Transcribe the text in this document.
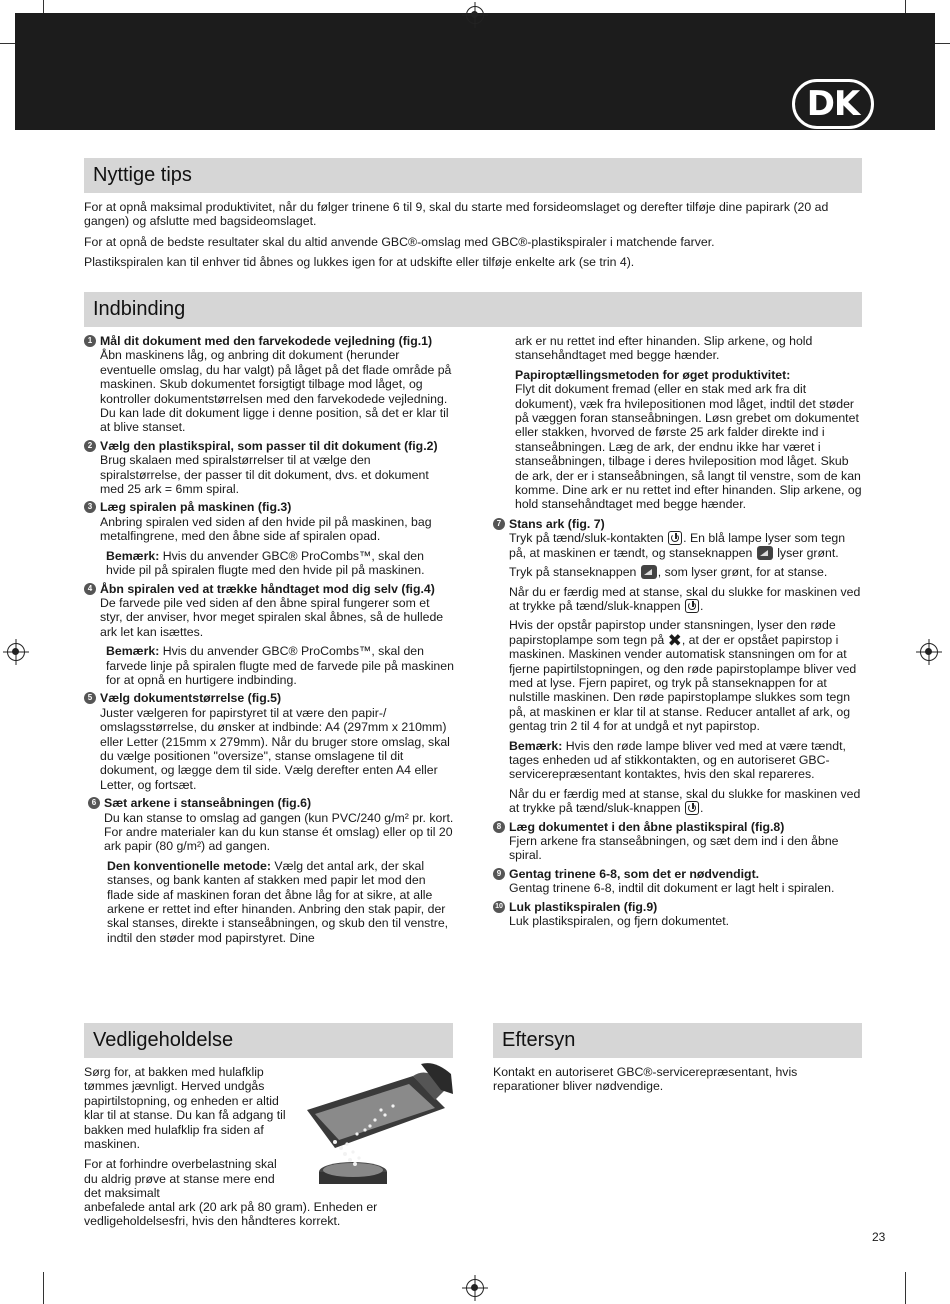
DK
Nyttige tips

For at opnå maksimal produktivitet, når du følger trinene 6 til 9, skal du starte med forsideomslaget og derefter tilføje dine papirark (20 ad gangen) og afslutte med bagsideomslaget.

For at opnå de bedste resultater skal du altid anvende GBC®-omslag med GBC®-plastikspiraler i matchende farver.

Plastikspiralen kan til enhver tid åbnes og lukkes igen for at udskifte eller tilføje enkelte ark (se trin 4).

Indbinding
1 Mål dit dokument med den farvekodede vejledning (fig.1)
Åbn maskinens låg, og anbring dit dokument (herunder eventuelle omslag, du har valgt) på låget på det flade område på maskinen. Skub dokumentet forsigtigt tilbage mod låget, og kontroller dokumentstørrelsen med den farvekodede vejledning. Du kan lade dit dokument ligge i denne position, så det er klar til at blive stanset.
2 Vælg den plastikspiral, som passer til dit dokument (fig.2)
Brug skalaen med spiralstørrelser til at vælge den spiralstørrelse, der passer til dit dokument, dvs. et dokument med 25 ark = 6mm spiral.
3 Læg spiralen på maskinen (fig.3)
Anbring spiralen ved siden af den hvide pil på maskinen, bag metalfingrene, med den åbne side af spiralen opad.
Bemærk: Hvis du anvender GBC® ProCombs™, skal den hvide pil på spiralen flugte med den hvide pil på maskinen.
4 Åbn spiralen ved at trække håndtaget mod dig selv (fig.4)
De farvede pile ved siden af den åbne spiral fungerer som et styr, der anviser, hvor meget spiralen skal åbnes, så de hullede ark let kan isættes.
Bemærk: Hvis du anvender GBC® ProCombs™, skal den farvede linje på spiralen flugte med de farvede pile på maskinen for at opnå en hurtigere indbinding.
5 Vælg dokumentstørrelse (fig.5)
Juster vælgeren for papirstyret til at være den papir-/ omslagsstørrelse, du ønsker at indbinde: A4 (297mm x 210mm) eller Letter (215mm x 279mm). Når du bruger store omslag, skal du vælge positionen "oversize", stanse omslagene til dit dokument, og lægge dem til side. Vælg derefter enten A4 eller Letter, og fortsæt.
6 Sæt arkene i stanseåbningen (fig.6)
Du kan stanse to omslag ad gangen (kun PVC/240 g/m² pr. kort. For andre materialer kan du kun stanse ét omslag) eller op til 20 ark papir (80 g/m²) ad gangen.
Den konventionelle metode: Vælg det antal ark, der skal stanses, og bank kanten af stakken med papir let mod den flade side af maskinen foran det åbne låg for at sikre, at alle arkene er rettet ind efter hinanden. Anbring den stak papir, der skal stanses, direkte i stanseåbningen, og skub den til venstre, indtil den støder mod papirstyret. Dine
ark er nu rettet ind efter hinanden. Slip arkene, og hold stansehåndtaget med begge hænder.
Papiroptællingsmetoden for øget produktivitet:
Flyt dit dokument fremad (eller en stak med ark fra dit dokument), væk fra hvilepositionen mod låget, indtil det støder på væggen foran stanseåbningen. Løsn grebet om dokumentet eller stakken, hvorved de første 25 ark falder direkte ind i stanseåbningen. Læg de ark, der endnu ikke har været i stanseåbningen, tilbage i deres hvileposition mod låget. Skub de ark, der er i stanseåbningen, så langt til venstre, som de kan komme. Dine ark er nu rettet ind efter hinanden. Slip arkene, og hold stansehåndtaget med begge hænder.
7 Stans ark (fig. 7)
Tryk på tænd/sluk-kontakten . En blå lampe lyser som tegn på, at maskinen er tændt, og stanseknappen  lyser grønt.
Tryk på stanseknappen , som lyser grønt, for at stanse.
Når du er færdig med at stanse, skal du slukke for maskinen ved at trykke på tænd/sluk-knappen .
Hvis der opstår papirstop under stansningen, lyser den røde papirstoplampe som tegn på ✖, at der er opstået papirstop i maskinen. Maskinen vender automatisk stansningen om for at fjerne papirtilstopningen, og den røde papirstoplampe bliver ved med at lyse. Fjern papiret, og tryk på stanseknappen for at nulstille maskinen. Den røde papirstoplampe slukkes som tegn på, at maskinen er klar til at stanse. Reducer antallet af ark, og gentag trin 2 til 4 for at undgå et nyt papirstop.
Bemærk: Hvis den røde lampe bliver ved med at være tændt, tages enheden ud af stikkontakten, og en autoriseret GBC-servicerepræsentant kontaktes, hvis den skal repareres.
Når du er færdig med at stanse, skal du slukke for maskinen ved at trykke på tænd/sluk-knappen .
8 Læg dokumentet i den åbne plastikspiral (fig.8)
Fjern arkene fra stanseåbningen, og sæt dem ind i den åbne spiral.
9 Gentag trinene 6-8, som det er nødvendigt.
Gentag trinene 6-8, indtil dit dokument er lagt helt i spiralen.
10 Luk plastikspiralen (fig.9)
Luk plastikspiralen, og fjern dokumentet.
Vedligeholdelse

Sørg for, at bakken med hulafklip tømmes jævnligt. Herved undgås papirtilstopning, og enheden er altid klar til at stanse. Du kan få adgang til bakken med hulafklip fra siden af maskinen.

For at forhindre overbelastning skal du aldrig prøve at stanse mere end det maksimalt

anbefalede antal ark (20 ark på 80 gram). Enheden er vedligeholdelsesfri, hvis den håndteres korrekt.

Eftersyn
Kontakt en autoriseret GBC®-servicerepræsentant, hvis reparationer bliver nødvendige.
23
